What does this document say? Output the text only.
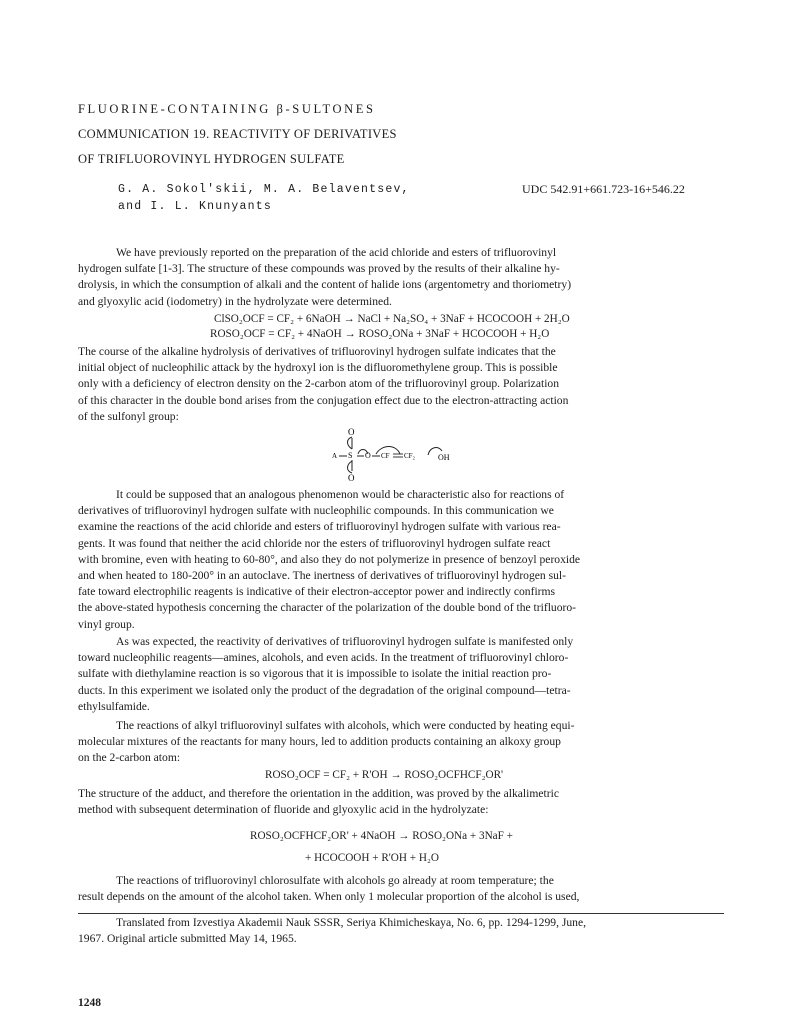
FLUORINE-CONTAINING β-SULTONES
COMMUNICATION 19. REACTIVITY OF DERIVATIVES
OF TRIFLUOROVINYL HYDROGEN SULFATE
G. A. Sokol'skii, M. A. Belaventsev,
and I. L. Knunyants
UDC 542.91+661.723-16+546.22
We have previously reported on the preparation of the acid chloride and esters of trifluorovinyl
hydrogen sulfate [1-3]. The structure of these compounds was proved by the results of their alkaline hy-
drolysis, in which the consumption of alkali and the content of halide ions (argentometry and thoriometry)
and glyoxylic acid (iodometry) in the hydrolyzate were determined.
ClSO₂OCF = CF₂ + 6NaOH → NaCl + Na₂SO₄ + 3NaF + HCOCOOH + 2H₂O
ROSO₂OCF = CF₂ + 4NaOH → ROSO₂ONa + 3NaF + HCOCOOH + H₂O
The course of the alkaline hydrolysis of derivatives of trifluorovinyl hydrogen sulfate indicates that the
initial object of nucleophilic attack by the hydroxyl ion is the difluoromethylene group. This is possible
only with a deficiency of electron density on the 2-carbon atom of the trifluorovinyl group. Polarization
of this character in the double bond arises from the conjugation effect due to the electron-attracting action
of the sulfonyl group:
O
A S
O
O CF CF₂	OH
It could be supposed that an analogous phenomenon would be characteristic also for reactions of
derivatives of trifluorovinyl hydrogen sulfate with nucleophilic compounds. In this communication we
examine the reactions of the acid chloride and esters of trifluorovinyl hydrogen sulfate with various rea-
gents. It was found that neither the acid chloride nor the esters of trifluorovinyl hydrogen sulfate react
with bromine, even with heating to 60-80°, and also they do not polymerize in presence of benzoyl peroxide
and when heated to 180-200° in an autoclave. The inertness of derivatives of trifluorovinyl hydrogen sul-
fate toward electrophilic reagents is indicative of their electron-acceptor power and indirectly confirms
the above-stated hypothesis concerning the character of the polarization of the double bond of the trifluoro-
vinyl group.
As was expected, the reactivity of derivatives of trifluorovinyl hydrogen sulfate is manifested only
toward nucleophilic reagents—amines, alcohols, and even acids. In the treatment of trifluorovinyl chloro-
sulfate with diethylamine reaction is so vigorous that it is impossible to isolate the initial reaction pro-
ducts. In this experiment we isolated only the product of the degradation of the original compound—tetra-
ethylsulfamide.
The reactions of alkyl trifluorovinyl sulfates with alcohols, which were conducted by heating equi-
molecular mixtures of the reactants for many hours, led to addition products containing an alkoxy group
on the 2-carbon atom:
ROSO₂OCF = CF₂ + R'OH → ROSO₂OCFHCF₂OR'
The structure of the adduct, and therefore the orientation in the addition, was proved by the alkalimetric
method with subsequent determination of fluoride and glyoxylic acid in the hydrolyzate:
ROSO₂OCFHCF₂OR' + 4NaOH → ROSO₂ONa + 3NaF +
+ HCOCOOH + R'OH + H₂O
The reactions of trifluorovinyl chlorosulfate with alcohols go already at room temperature; the
result depends on the amount of the alcohol taken. When only 1 molecular proportion of the alcohol is used,
Translated from Izvestiya Akademii Nauk SSSR, Seriya Khimicheskaya, No. 6, pp. 1294-1299, June,
1967. Original article submitted May 14, 1965.
1248
